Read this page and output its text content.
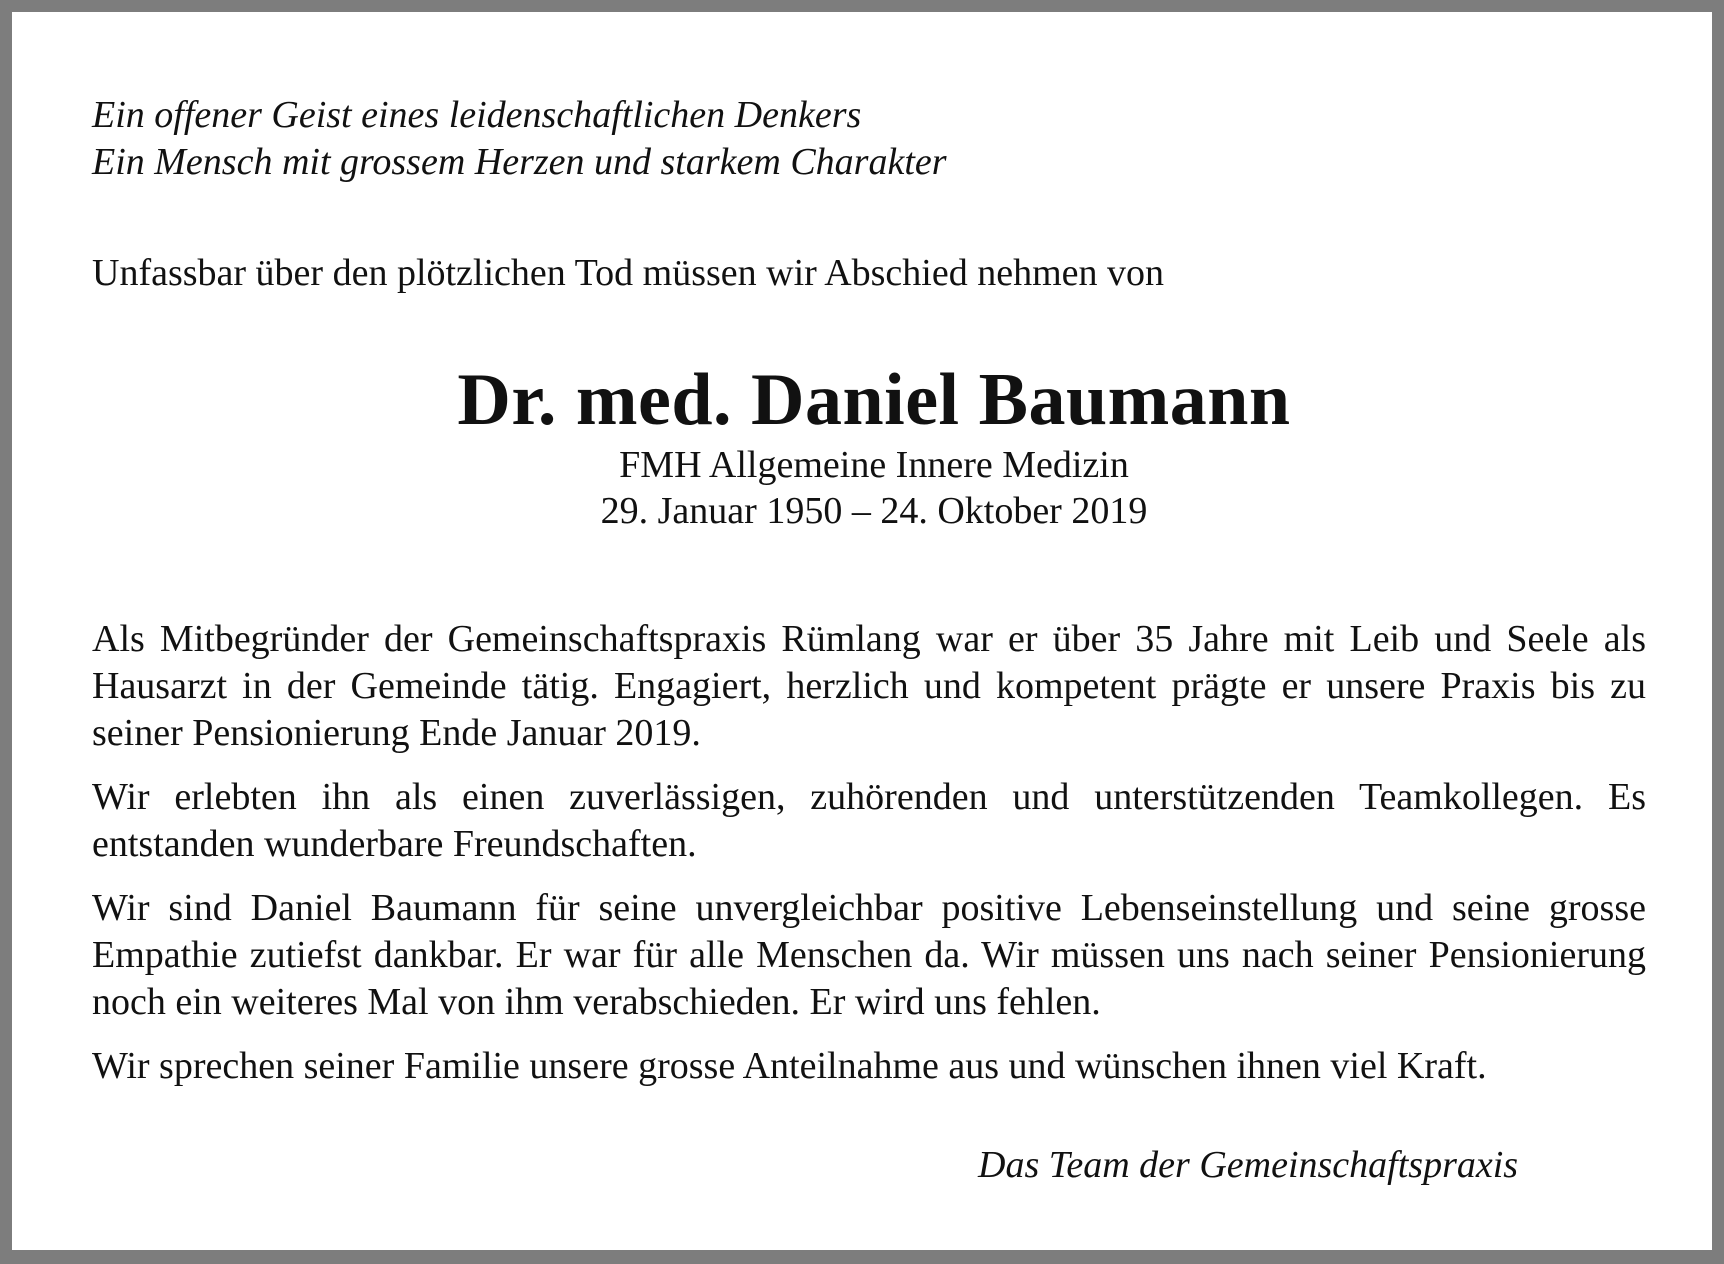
Ein offener Geist eines leidenschaftlichen Denkers
Ein Mensch mit grossem Herzen und starkem Charakter
Unfassbar über den plötzlichen Tod müssen wir Abschied nehmen von
Dr. med. Daniel Baumann
FMH Allgemeine Innere Medizin
29. Januar 1950 – 24. Oktober 2019

Als Mitbegründer der Gemeinschaftspraxis Rümlang war er über 35 Jahre mit Leib und Seele als Hausarzt in der Gemeinde tätig. Engagiert, herzlich und kompetent prägte er unsere Praxis bis zu seiner Pensionierung Ende Januar 2019.

Wir erlebten ihn als einen zuverlässigen, zuhörenden und unterstützenden Teamkollegen. Es entstanden wunderbare Freundschaften.

Wir sind Daniel Baumann für seine unvergleichbar positive Lebenseinstellung und seine grosse Empathie zutiefst dankbar. Er war für alle Menschen da. Wir müssen uns nach seiner Pensionierung noch ein weiteres Mal von ihm verabschieden. Er wird uns fehlen.

Wir sprechen seiner Familie unsere grosse Anteilnahme aus und wünschen ihnen viel Kraft.

Das Team der Gemeinschaftspraxis
